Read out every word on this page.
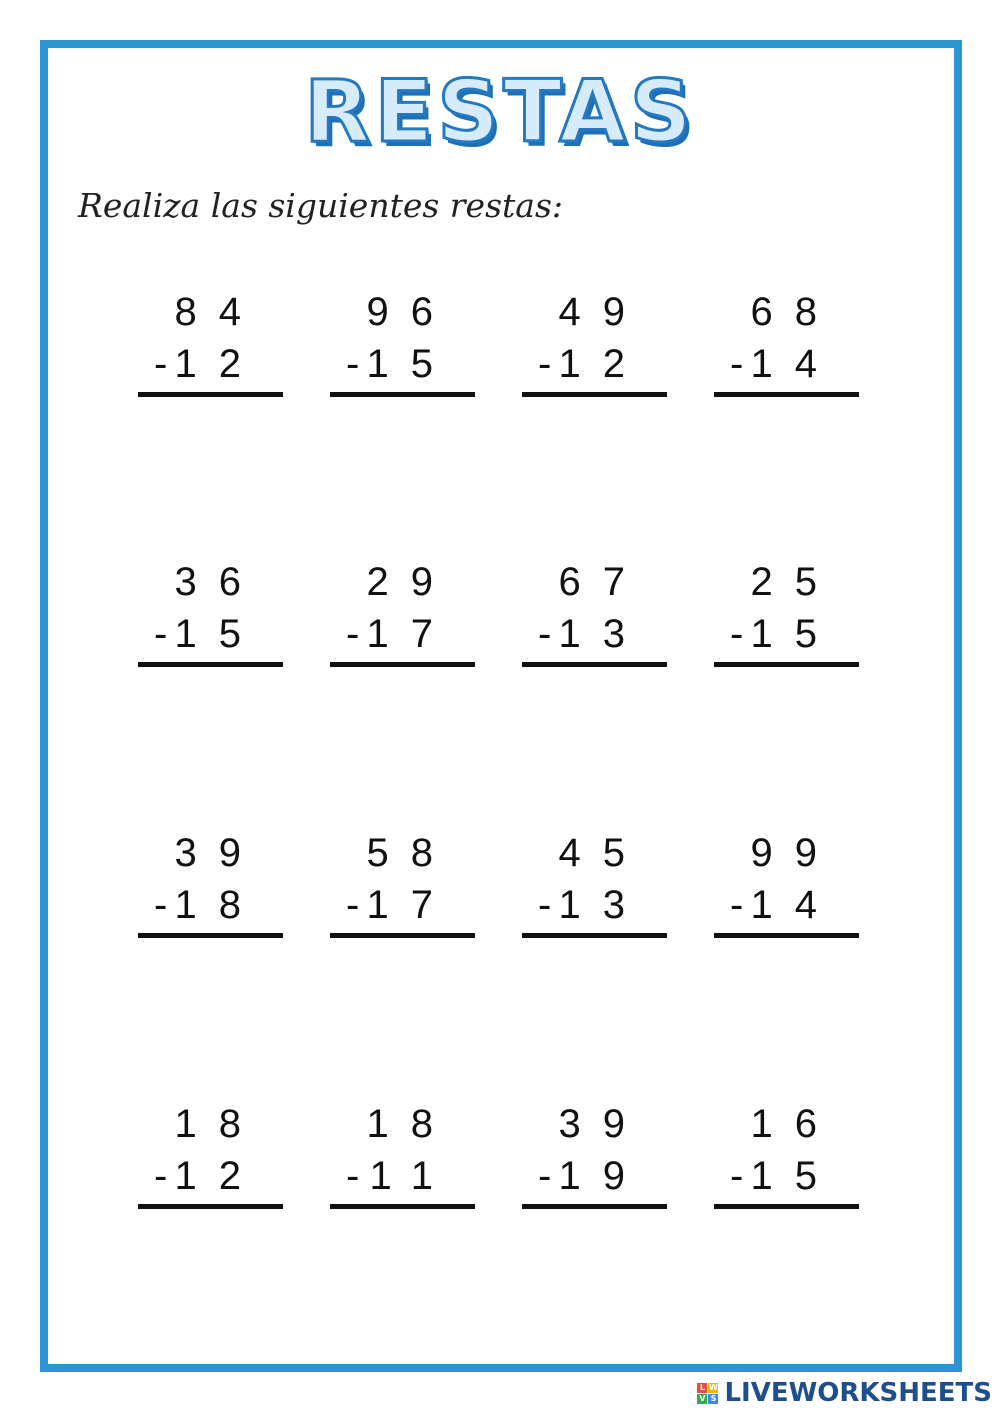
RESTAS
Realiza las siguientes restas:
84
- 12
96
- 15
49
- 12
68
- 14
36
- 15
29
- 17
67
- 13
25
- 15
39
- 18
58
- 17
45
- 13
99
- 14
18
- 12
18
- 11
39
- 19
16
- 15
L W
V S LIVEWORKSHEETS
